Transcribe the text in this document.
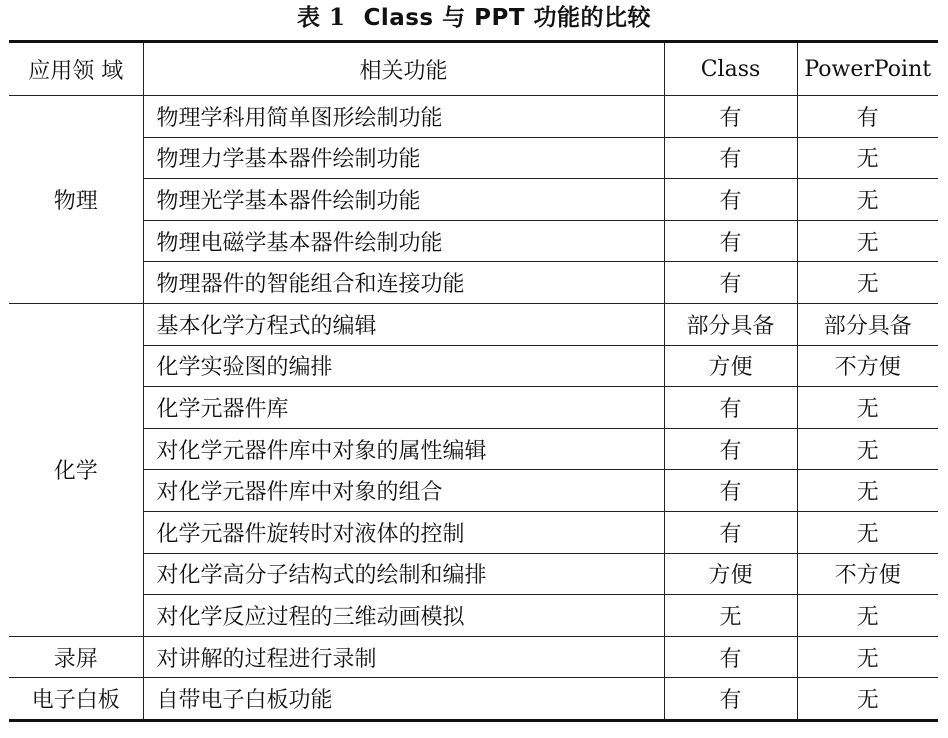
表 1 Class 与 PPT 功能的比较
应用领 域	相关功能	Class	PowerPoint
物理	物理学科用简单图形绘制功能	有	有
	物理力学基本器件绘制功能	有	无
	物理光学基本器件绘制功能	有	无
	物理电磁学基本器件绘制功能	有	无
	物理器件的智能组合和连接功能	有	无
化学	基本化学方程式的编辑	部分具备	部分具备
	化学实验图的编排	方便	不方便
	化学元器件库	有	无
	对化学元器件库中对象的属性编辑	有	无
	对化学元器件库中对象的组合	有	无
	化学元器件旋转时对液体的控制	有	无
	对化学高分子结构式的绘制和编排	方便	不方便
	对化学反应过程的三维动画模拟	无	无
录屏	对讲解的过程进行录制	有	无
电子白板	自带电子白板功能	有	无
